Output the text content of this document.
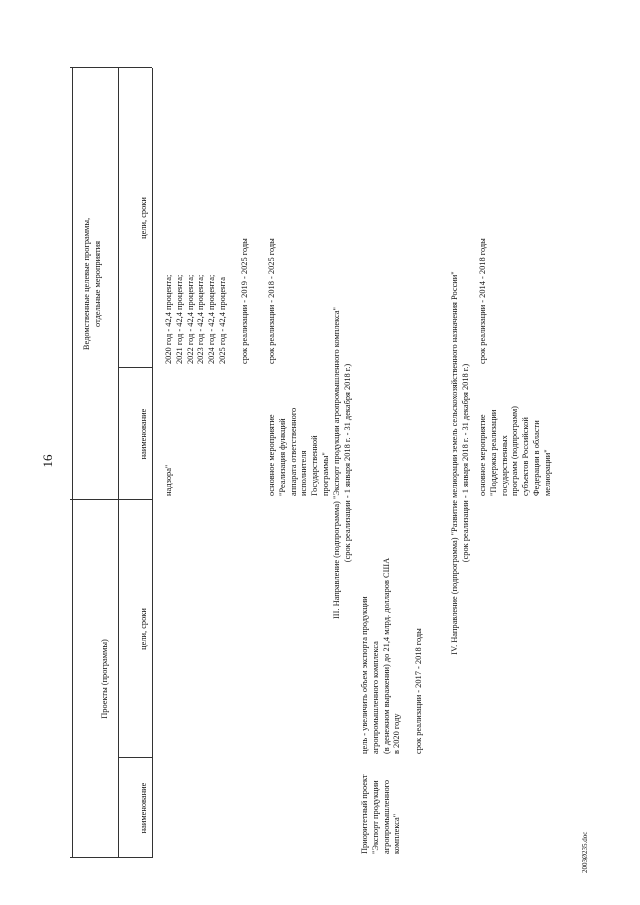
16
2003Ø235.doc
Проекты (программы)
Ведомственные целевые программы, отдельные мероприятия
наименование
цели, сроки
наименование
цели, сроки
надзора"
2020 год - 42,4 процента; 2021 год - 42,4 процента; 2022 год - 42,4 процента; 2023 год - 42,4 процента; 2024 год - 42,4 процента; 2025 год - 42,4 процента
срок реализации - 2019 - 2025 годы
основное мероприятие "Реализация функций аппарата ответственного исполнителя Государственной программы"
срок реализации - 2018 - 2025 годы
III. Направление (подпрограмма) "Экспорт продукции агропромышленного комплекса" (срок реализации - 1 января 2018 г. - 31 декабря 2018 г.)
Приоритетный проект "Экспорт продукции агропромышленного комплекса"
цель - увеличить объем экспорта продукции агропромышленного комплекса (в денежном выражении) до 21,4 млрд. долларов США в 2020 году
срок реализации - 2017 - 2018 годы
IV. Направление (подпрограмма) "Развитие мелиорации земель сельскохозяйственного назначения России" (срок реализации - 1 января 2018 г. - 31 декабря 2018 г.) основное мероприятие "Поддержка реализации государственных программ (подпрограмм) субъектов Российской Федерации в области мелиорации"
срок реализации - 2014 - 2018 годы
